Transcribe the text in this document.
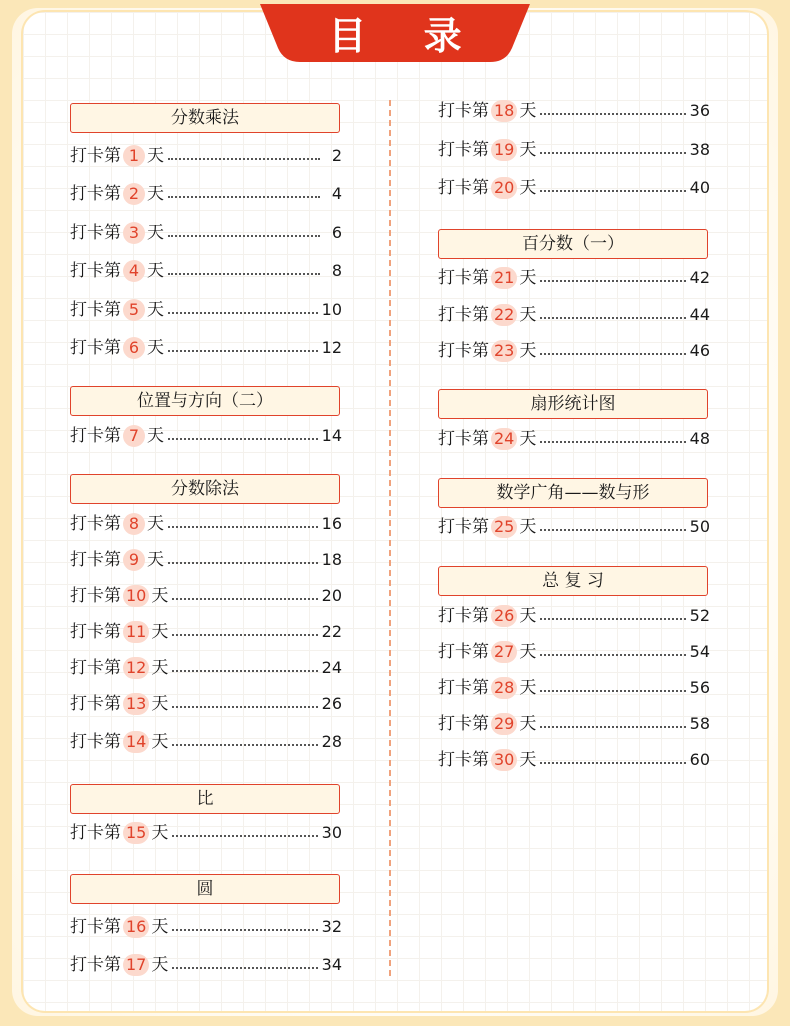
目 录
分数乘法
打卡第 1 天	2
打卡第 2 天	4
打卡第 3 天	6
打卡第 4 天	8
打卡第 5 天	10
打卡第 6 天	12
位置与方向（二）
打卡第 7 天	14
分数除法
打卡第 8 天	16
打卡第 9 天	18
打卡第 10 天	20
打卡第 11 天	22
打卡第 12 天	24
打卡第 13 天	26
打卡第 14 天	28
比
打卡第 15 天	30
圆
打卡第 16 天	32
打卡第 17 天	34
打卡第 18 天	36
打卡第 19 天	38
打卡第 20 天	40
百分数（一）
打卡第 21 天	42
打卡第 22 天	44
打卡第 23 天	46
扇形统计图
打卡第 24 天	48
数学广角——数与形
打卡第 25 天	50
总 复 习
打卡第 26 天	52
打卡第 27 天	54
打卡第 28 天	56
打卡第 29 天	58
打卡第 30 天	60
